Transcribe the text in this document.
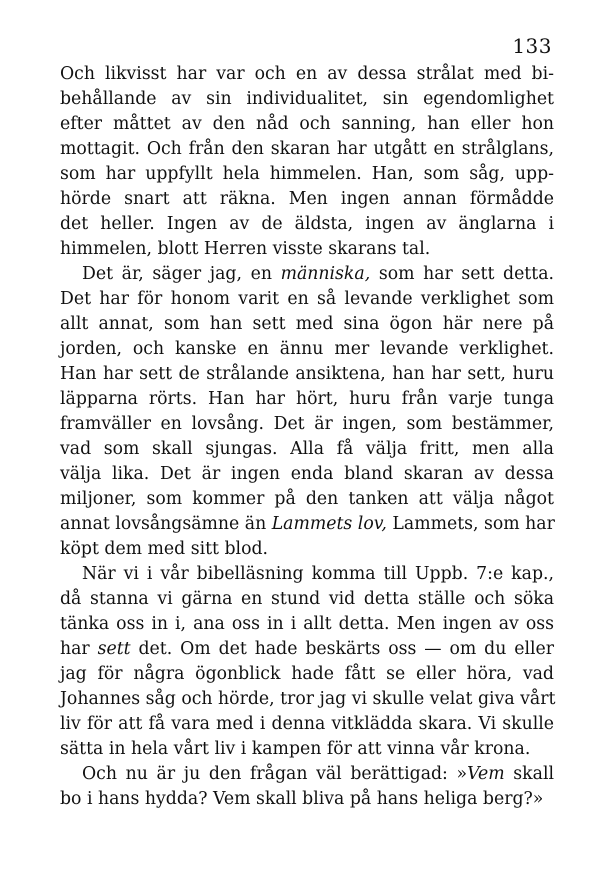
133
Och likvisst har var och en av dessa strålat med bi-
behållande av sin individualitet, sin egendomlighet
efter måttet av den nåd och sanning, han eller hon
mottagit. Och från den skaran har utgått en strålglans,
som har uppfyllt hela himmelen. Han, som såg, upp-
hörde snart att räkna. Men ingen annan förmådde
det heller. Ingen av de äldsta, ingen av änglarna i
himmelen, blott Herren visste skarans tal.
Det är, säger jag, en människa, som har sett detta.
Det har för honom varit en så levande verklighet som
allt annat, som han sett med sina ögon här nere på
jorden, och kanske en ännu mer levande verklighet.
Han har sett de strålande ansiktena, han har sett, huru
läpparna rörts. Han har hört, huru från varje tunga
framväller en lovsång. Det är ingen, som bestämmer,
vad som skall sjungas. Alla få välja fritt, men alla
välja lika. Det är ingen enda bland skaran av dessa
miljoner, som kommer på den tanken att välja något
annat lovsångsämne än Lammets lov, Lammets, som har
köpt dem med sitt blod.
När vi i vår bibelläsning komma till Uppb. 7:e kap.,
då stanna vi gärna en stund vid detta ställe och söka
tänka oss in i, ana oss in i allt detta. Men ingen av oss
har sett det. Om det hade beskärts oss — om du eller
jag för några ögonblick hade fått se eller höra, vad
Johannes såg och hörde, tror jag vi skulle velat giva vårt
liv för att få vara med i denna vitklädda skara. Vi skulle
sätta in hela vårt liv i kampen för att vinna vår krona.
Och nu är ju den frågan väl berättigad: »Vem skall
bo i hans hydda? Vem skall bliva på hans heliga berg?»
